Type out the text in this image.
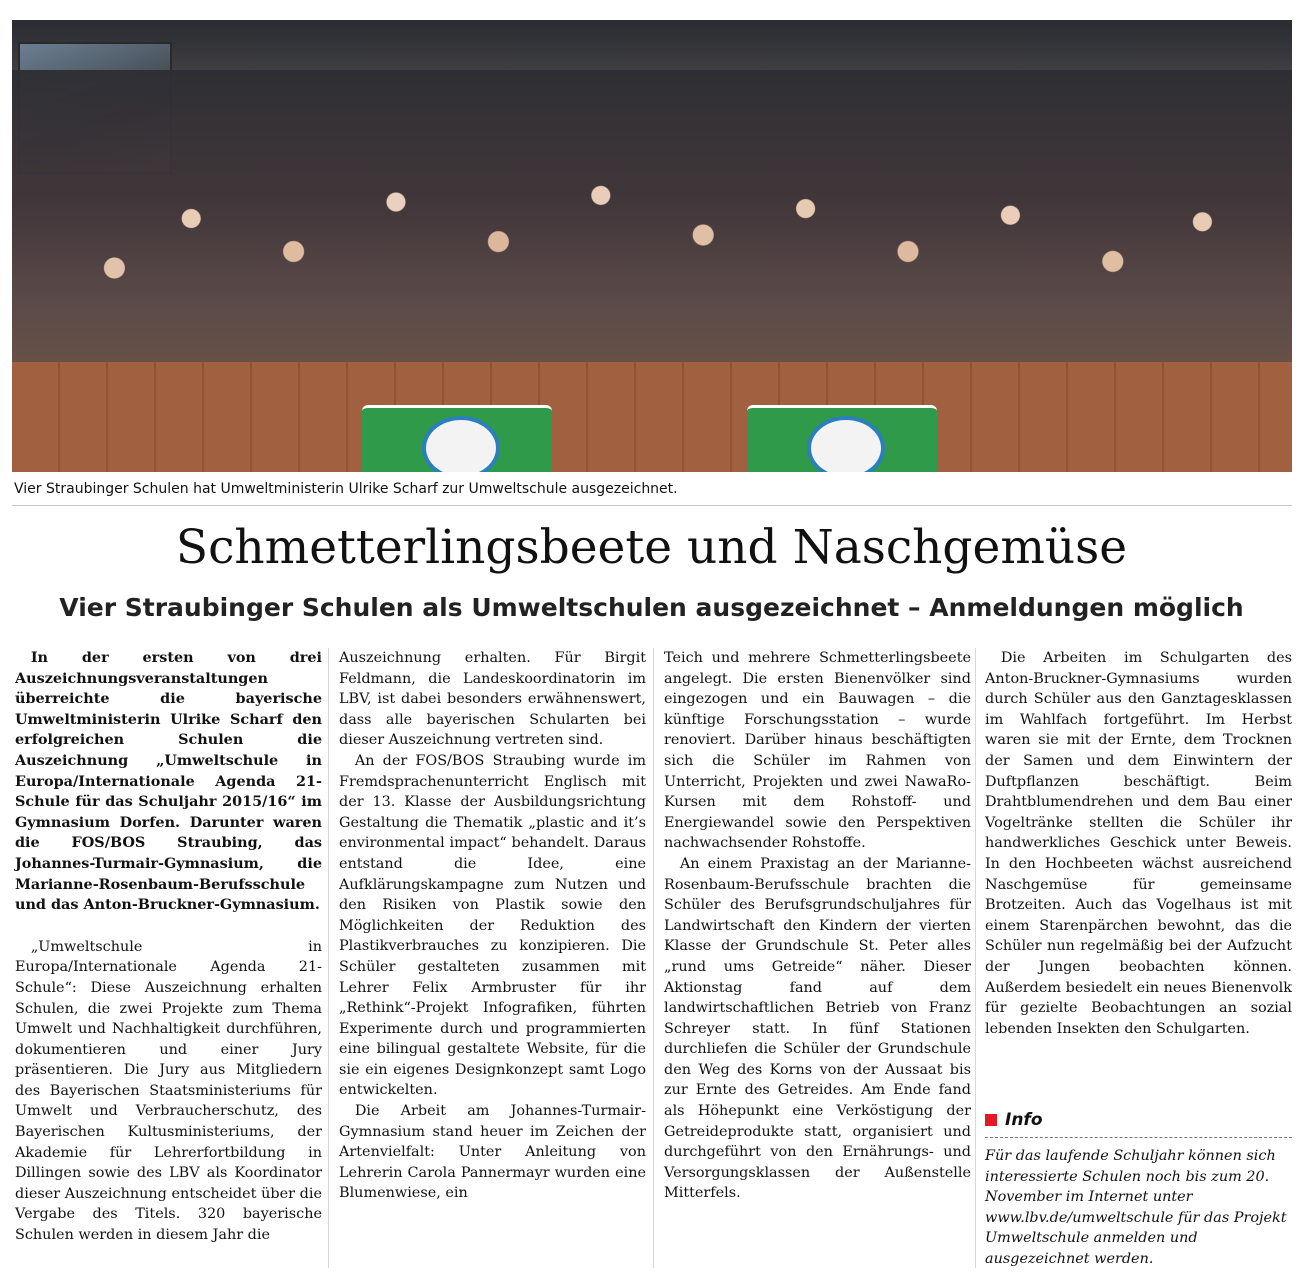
Vier Straubinger Schulen hat Umweltministerin Ulrike Scharf zur Umweltschule ausgezeichnet.
Schmetterlingsbeete und Naschgemüse
Vier Straubinger Schulen als Umweltschulen ausgezeichnet – Anmeldungen möglich

In der ersten von drei Auszeichnungsveranstaltungen überreichte die bayerische Umweltministerin Ulrike Scharf den erfolgreichen Schulen die Auszeichnung „Umweltschule in Europa/Internationale Agenda 21-Schule für das Schuljahr 2015/16“ im Gymnasium Dorfen. Darunter waren die FOS/BOS Straubing, das Johannes-Turmair-Gymnasium, die Marianne-Rosenbaum-Berufsschule und das Anton-Bruckner-Gymnasium.

„Umweltschule in Europa/Internationale Agenda 21-Schule“: Diese Auszeichnung erhalten Schulen, die zwei Projekte zum Thema Umwelt und Nachhaltigkeit durchführen, dokumentieren und einer Jury präsentieren. Die Jury aus Mitgliedern des Bayerischen Staatsministeriums für Umwelt und Verbraucherschutz, des Bayerischen Kultusministeriums, der Akademie für Lehrerfortbildung in Dillingen sowie des LBV als Koordinator dieser Auszeichnung entscheidet über die Vergabe des Titels. 320 bayerische Schulen werden in diesem Jahr die

Auszeichnung erhalten. Für Birgit Feldmann, die Landeskoordinatorin im LBV, ist dabei besonders erwähnenswert, dass alle bayerischen Schularten bei dieser Auszeichnung vertreten sind.

An der FOS/BOS Straubing wurde im Fremdsprachenunterricht Englisch mit der 13. Klasse der Ausbildungsrichtung Gestaltung die Thematik „plastic and it’s environmental impact“ behandelt. Daraus entstand die Idee, eine Aufklärungskampagne zum Nutzen und den Risiken von Plastik sowie den Möglichkeiten der Reduktion des Plastikverbrauches zu konzipieren. Die Schüler gestalteten zusammen mit Lehrer Felix Armbruster für ihr „Rethink“-Projekt Infografiken, führten Experimente durch und programmierten eine bilingual gestaltete Website, für die sie ein eigenes Designkonzept samt Logo entwickelten.

Die Arbeit am Johannes-Turmair-Gymnasium stand heuer im Zeichen der Artenvielfalt: Unter Anleitung von Lehrerin Carola Pannermayr wurden eine Blumenwiese, ein

Teich und mehrere Schmetterlingsbeete angelegt. Die ersten Bienenvölker sind eingezogen und ein Bauwagen – die künftige Forschungsstation – wurde renoviert. Darüber hinaus beschäftigten sich die Schüler im Rahmen von Unterricht, Projekten und zwei NawaRo-Kursen mit dem Rohstoff- und Energiewandel sowie den Perspektiven nachwachsender Rohstoffe.

An einem Praxistag an der Marianne-Rosenbaum-Berufsschule brachten die Schüler des Berufsgrundschuljahres für Landwirtschaft den Kindern der vierten Klasse der Grundschule St. Peter alles „rund ums Getreide“ näher. Dieser Aktionstag fand auf dem landwirtschaftlichen Betrieb von Franz Schreyer statt. In fünf Stationen durchliefen die Schüler der Grundschule den Weg des Korns von der Aussaat bis zur Ernte des Getreides. Am Ende fand als Höhepunkt eine Verköstigung der Getreideprodukte statt, organisiert und durchgeführt von den Ernährungs- und Versorgungsklassen der Außenstelle Mitterfels.

Die Arbeiten im Schulgarten des Anton-Bruckner-Gymnasiums wurden durch Schüler aus den Ganztagesklassen im Wahlfach fortgeführt. Im Herbst waren sie mit der Ernte, dem Trocknen der Samen und dem Einwintern der Duftpflanzen beschäftigt. Beim Drahtblumendrehen und dem Bau einer Vogeltränke stellten die Schüler ihr handwerkliches Geschick unter Beweis. In den Hochbeeten wächst ausreichend Naschgemüse für gemeinsame Brotzeiten. Auch das Vogelhaus ist mit einem Starenpärchen bewohnt, das die Schüler nun regelmäßig bei der Aufzucht der Jungen beobachten können. Außerdem besiedelt ein neues Bienenvolk für gezielte Beobachtungen an sozial lebenden Insekten den Schulgarten.

Info
Für das laufende Schuljahr können sich interessierte Schulen noch bis zum 20. November im Internet unter www.lbv.de/umweltschule für das Projekt Umweltschule anmelden und ausgezeichnet werden.
